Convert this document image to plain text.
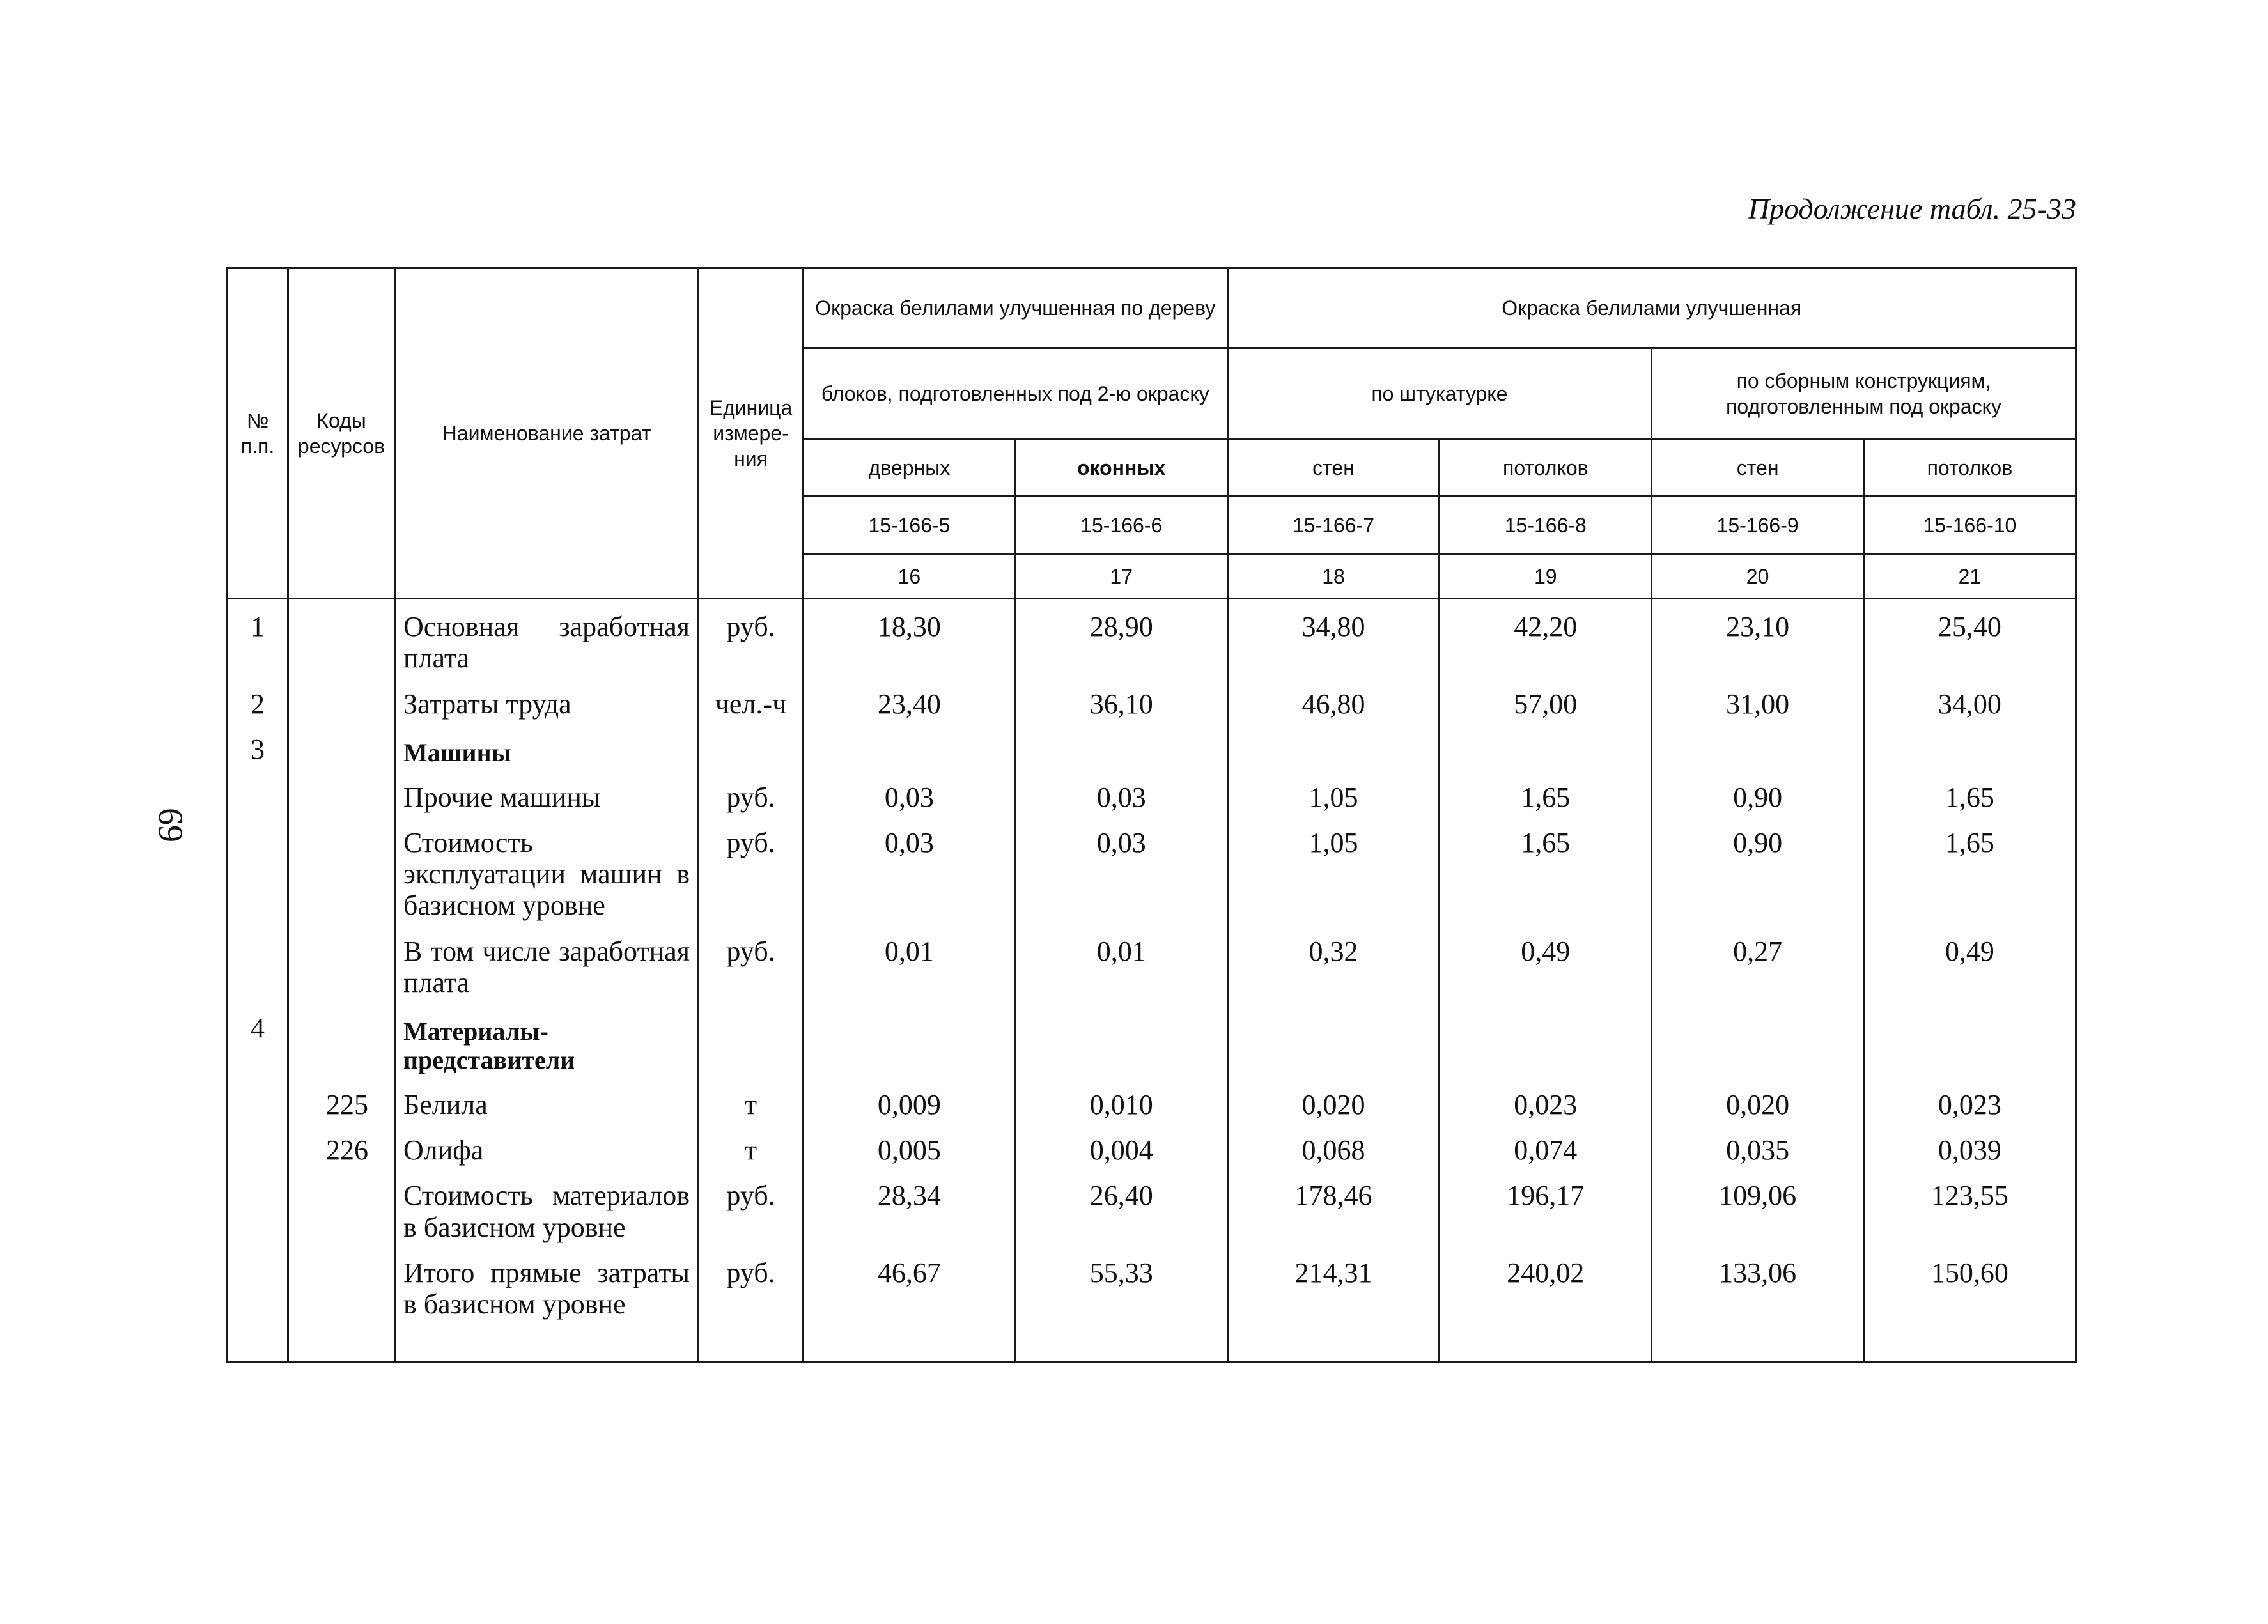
Продолжение табл. 25-33
69
№ п.п.	Коды ресурсов	Наименование затрат	Единица измере-ния	Окраска белилами улучшенная по дереву		Окраска белилами улучшенная			
				блоков, подготовленных под 2-ю окраску		по штукатурке		по сборным конструкциям, подготовленным под окраску	
				дверных	оконных	стен	потолков	стен	потолков
				15-166-5	15-166-6	15-166-7	15-166-8	15-166-9	15-166-10
				16	17	18	19	20	21
1		Основная заработная плата	руб.	18,30	28,90	34,80	42,20	23,10	25,40
2		Затраты труда	чел.-ч	23,40	36,10	46,80	57,00	31,00	34,00
3		Машины							
		Прочие машины	руб.	0,03	0,03	1,05	1,65	0,90	1,65
		Стоимость эксплуатации машин в базисном уровне	руб.	0,03	0,03	1,05	1,65	0,90	1,65
		В том числе заработная плата	руб.	0,01	0,01	0,32	0,49	0,27	0,49
4		Материалы-представители							
	225	Белила	т	0,009	0,010	0,020	0,023	0,020	0,023
	226	Олифа	т	0,005	0,004	0,068	0,074	0,035	0,039
		Стоимость материалов в базисном уровне	руб.	28,34	26,40	178,46	196,17	109,06	123,55
		Итого прямые затраты в базисном уровне	руб.	46,67	55,33	214,31	240,02	133,06	150,60
